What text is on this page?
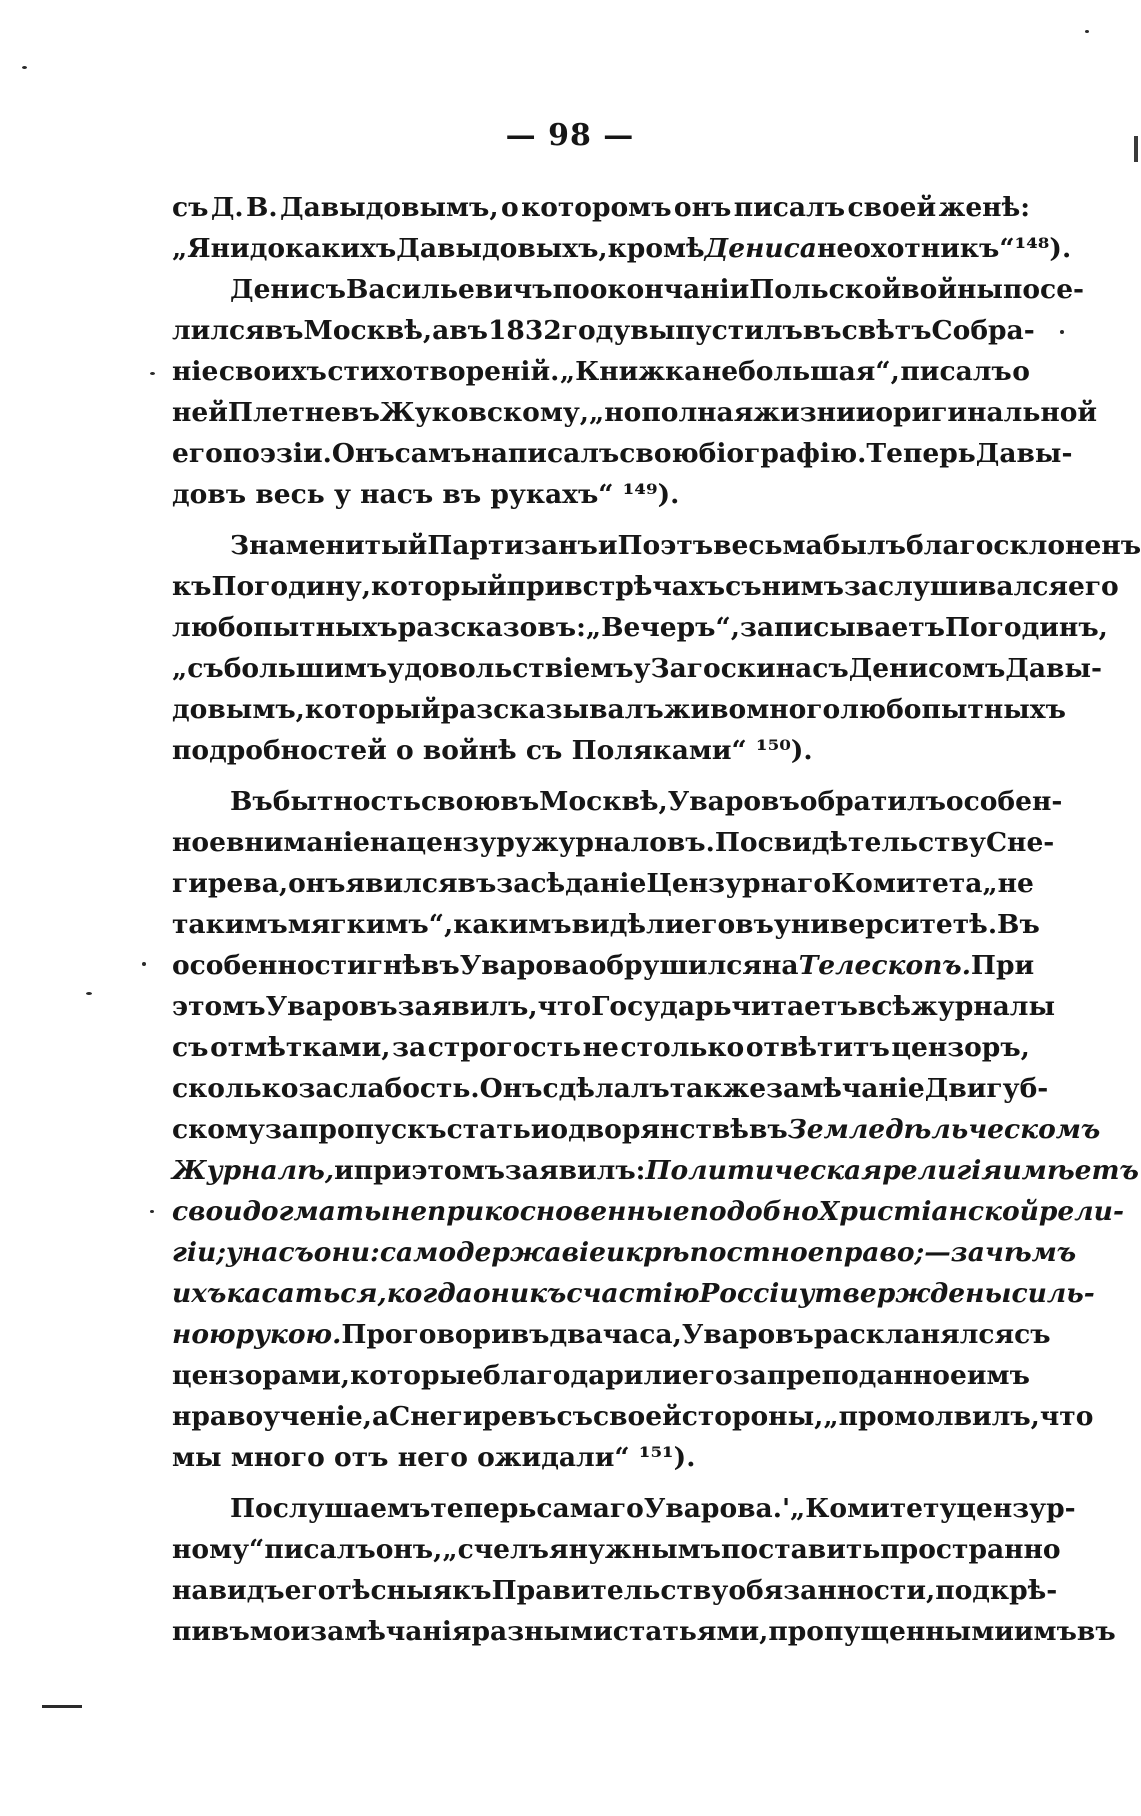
— 98 —
съ Д. В. Давыдовымъ, о которомъ онъ писалъ своей женѣ:
„Я ни до какихъ Давыдовыхъ, кромѣ Дениса не охотникъ“ ¹⁴⁸).
Денисъ Васильевичъ по окончаніи Польской войны посе-
лился въ Москвѣ, а въ 1832 году выпустилъ въ свѣтъ Собра-
ніе своихъ стихотвореній. „Книжка небольшая“, писалъ о
ней Плетневъ Жуковскому, „но полная жизни и оригинальной
его поэзіи. Онъ самъ написалъ свою біографію. Теперь Давы-
довъ весь у насъ въ рукахъ“ ¹⁴⁹).
Знаменитый Партизанъ и Поэтъ весьма былъ благосклоненъ
къ Погодину, который при встрѣчахъ съ нимъ заслушивался его
любопытныхъ разсказовъ: „Вечеръ“, записываетъ Погодинъ,
„съ большимъ удовольствіемъ у Загоскина съ Денисомъ Давы-
довымъ, который разсказывалъ живо много любопытныхъ
подробностей о войнѣ съ Поляками“ ¹⁵⁰).
Въ бытность свою въ Москвѣ, Уваровъ обратилъ особен-
ное вниманіе на цензуру журналовъ. По свидѣтельству Сне-
гирева, онъ явился въ засѣданіе Цензурнаго Комитета „не
такимъ мягкимъ“, какимъ видѣли его въ университетѣ. Въ
особенности гнѣвъ Уварова обрушился на Телескопъ. При
этомъ Уваровъ заявилъ, что Государь читаетъ всѣ журналы
съ отмѣтками, за строгость не столько отвѣтитъ цензоръ,
сколько за слабость. Онъ сдѣлалъ также замѣчаніе Двигуб-
скому за пропускъ статьи о дворянствѣ въ Земледѣльческомъ
Журналѣ, и при этомъ заявилъ: Политическая религія имѣетъ
свои догматы неприкосновенные подобно Христіанской рели-
гіи; у насъ они: самодержавіе и крѣпостное право;—зачѣмъ
ихъ касаться, когда они къ счастію Россіи утверждены силь-
ною рукою. Проговоривъ два часа, Уваровъ раскланялся съ
цензорами, которые благодарили его за преподанное имъ
нравоученіе, а Снегиревъ съ своей стороны, „промолвилъ, что
мы много отъ него ожидали“ ¹⁵¹).
Послушаемъ теперь самаго Уварова. '„Комитету цензур-
ному“ писалъ онъ, „счелъ я нужнымъ поставить пространно
на видъ его тѣсныя къ Правительству обязанности, подкрѣ-
пивъ мои замѣчанія разными статьями, пропущенными имъ въ
